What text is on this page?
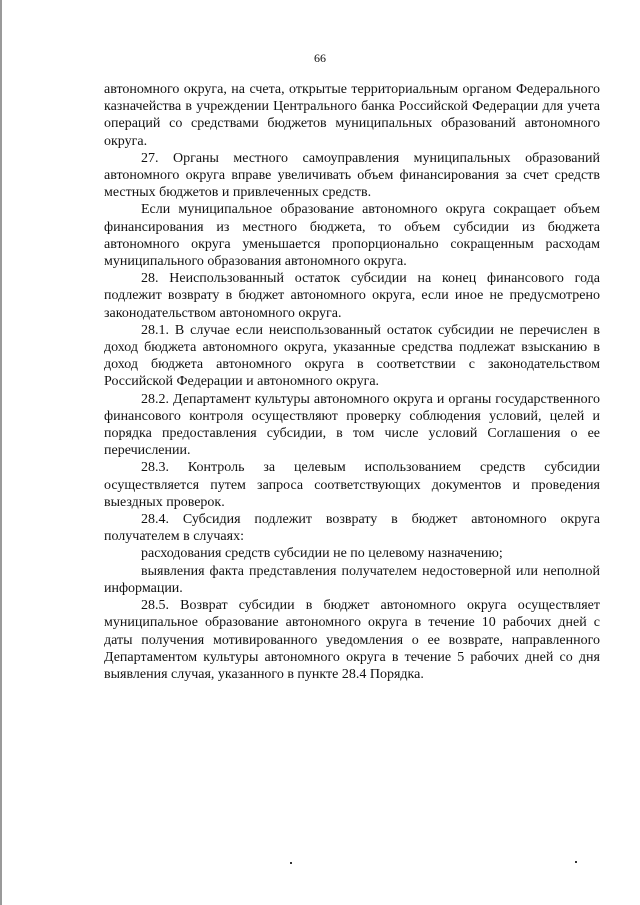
66

автономного округа, на счета, открытые территориальным органом Федерального казначейства в учреждении Центрального банка Российской Федерации для учета операций со средствами бюджетов муниципальных образований автономного округа.

27. Органы местного самоуправления муниципальных образований автономного округа вправе увеличивать объем финансирования за счет средств местных бюджетов и привлеченных средств.

Если муниципальное образование автономного округа сокращает объем финансирования из местного бюджета, то объем субсидии из бюджета автономного округа уменьшается пропорционально сокращенным расходам муниципального образования автономного округа.

28. Неиспользованный остаток субсидии на конец финансового года подлежит возврату в бюджет автономного округа, если иное не предусмотрено законодательством автономного округа.

28.1. В случае если неиспользованный остаток субсидии не перечислен в доход бюджета автономного округа, указанные средства подлежат взысканию в доход бюджета автономного округа в соответствии с законодательством Российской Федерации и автономного округа.

28.2. Департамент культуры автономного округа и органы государственного финансового контроля осуществляют проверку соблюдения условий, целей и порядка предоставления субсидии, в том числе условий Соглашения о ее перечислении.

28.3. Контроль за целевым использованием средств субсидии осуществляется путем запроса соответствующих документов и проведения выездных проверок.

28.4. Субсидия подлежит возврату в бюджет автономного округа получателем в случаях:

расходования средств субсидии не по целевому назначению;

выявления факта представления получателем недостоверной или неполной информации.

28.5. Возврат субсидии в бюджет автономного округа осуществляет муниципальное образование автономного округа в течение 10 рабочих дней с даты получения мотивированного уведомления о ее возврате, направленного Департаментом культуры автономного округа в течение 5 рабочих дней со дня выявления случая, указанного в пункте 28.4 Порядка.
